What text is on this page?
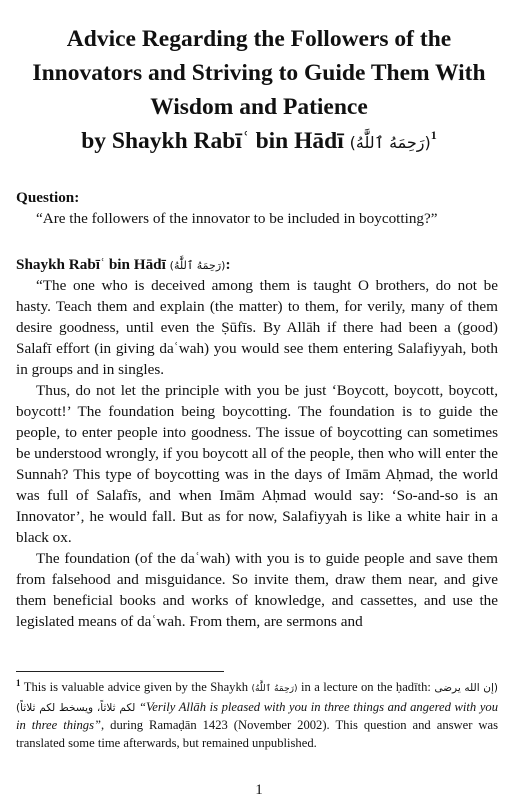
Advice Regarding the Followers of the
Innovators and Striving to Guide Them With
Wisdom and Patience
by Shaykh Rabīʿ bin Hādī (رَحِمَهُ ٱللَّٰهُ)$^1$
Question:
“Are the followers of the innovator to be included in boycotting?”
Shaykh Rabīʿ bin Hādī (رَحِمَهُ ٱللَّٰهُ):

“The one who is deceived among them is taught O brothers, do not be hasty. Teach them and explain (the matter) to them, for verily, many of them desire goodness, until even the Ṣūfīs. By Allāh if there had been a (good) Salafī effort (in giving daʿwah) you would see them entering Salafiyyah, both in groups and in singles.

Thus, do not let the principle with you be just ‘Boycott, boycott, boycott, boycott!’ The foundation being boycotting. The foundation is to guide the people, to enter people into goodness. The issue of boycotting can sometimes be understood wrongly, if you boycott all of the people, then who will enter the Sunnah? This type of boycotting was in the days of Imām Aḥmad, the world was full of Salafīs, and when Imām Aḥmad would say: ‘So-and-so is an Innovator’, he would fall. But as for now, Salafiyyah is like a white hair in a black ox.

The foundation (of the daʿwah) with you is to guide people and save them from falsehood and misguidance. So invite them, draw them near, and give them beneficial books and works of knowledge, and cassettes, and use the legislated means of daʿwah. From them, are sermons and

$^1$ This is valuable advice given by the Shaykh (رَحِمَهُ ٱللَّٰهُ) in a lecture on the ḥadīth: (إن الله يرضى لكم ثلاثاً، ويسخط لكم ثلاثاً) “Verily Allāh is pleased with you in three things and angered with you in three things”, during Ramaḍān 1423 (November 2002). This question and answer was translated some time afterwards, but remained unpublished.
1
